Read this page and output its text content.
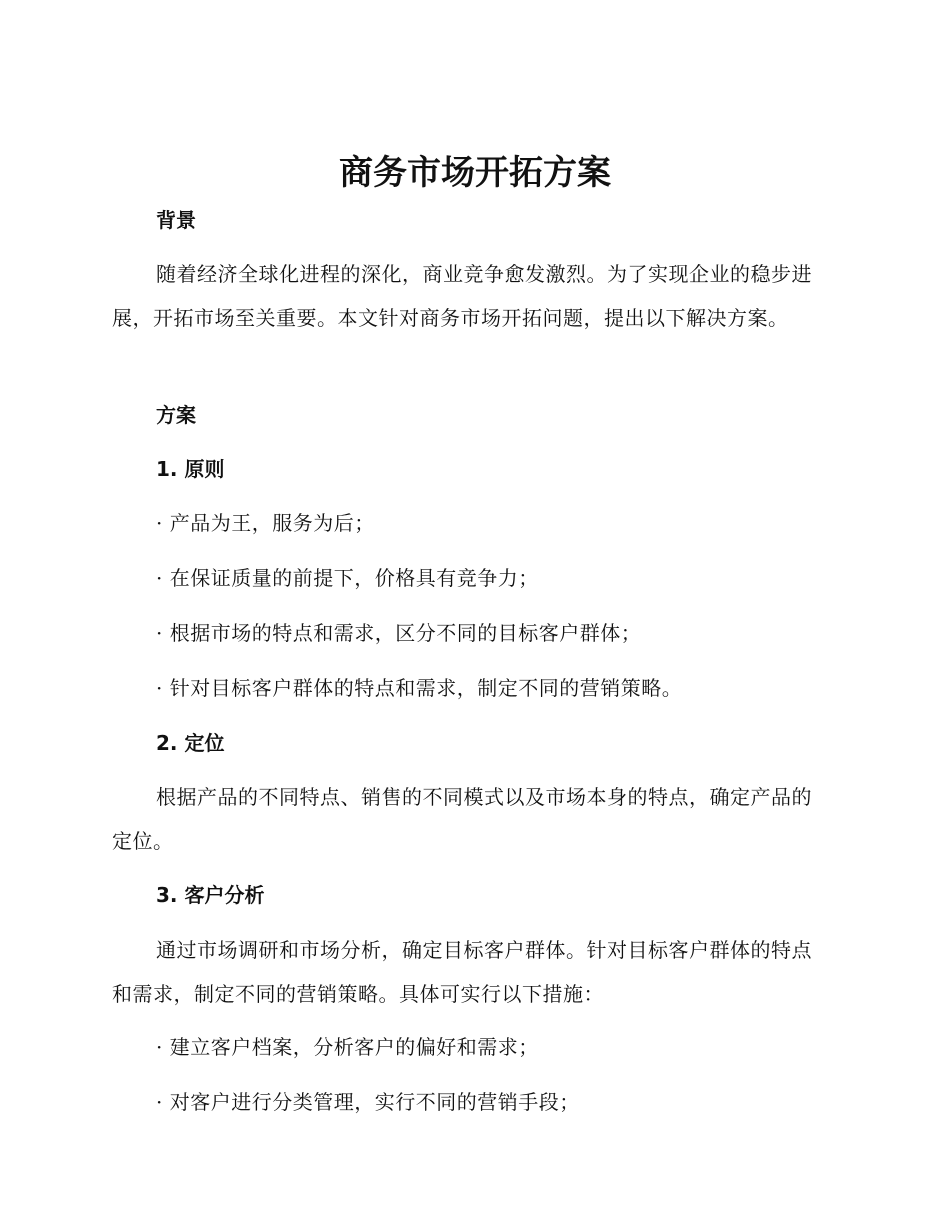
商务市场开拓方案
背景

随着经济全球化进程的深化，商业竞争愈发激烈。为了实现企业的稳步进展，开拓市场至关重要。本文针对商务市场开拓问题，提出以下解决方案。

方案
1. 原则
· 产品为王，服务为后；
· 在保证质量的前提下，价格具有竞争力；
· 根据市场的特点和需求，区分不同的目标客户群体；
· 针对目标客户群体的特点和需求，制定不同的营销策略。
2. 定位

根据产品的不同特点、销售的不同模式以及市场本身的特点，确定产品的定位。

3. 客户分析

通过市场调研和市场分析，确定目标客户群体。针对目标客户群体的特点和需求，制定不同的营销策略。具体可实行以下措施：

· 建立客户档案，分析客户的偏好和需求；
· 对客户进行分类管理，实行不同的营销手段；
